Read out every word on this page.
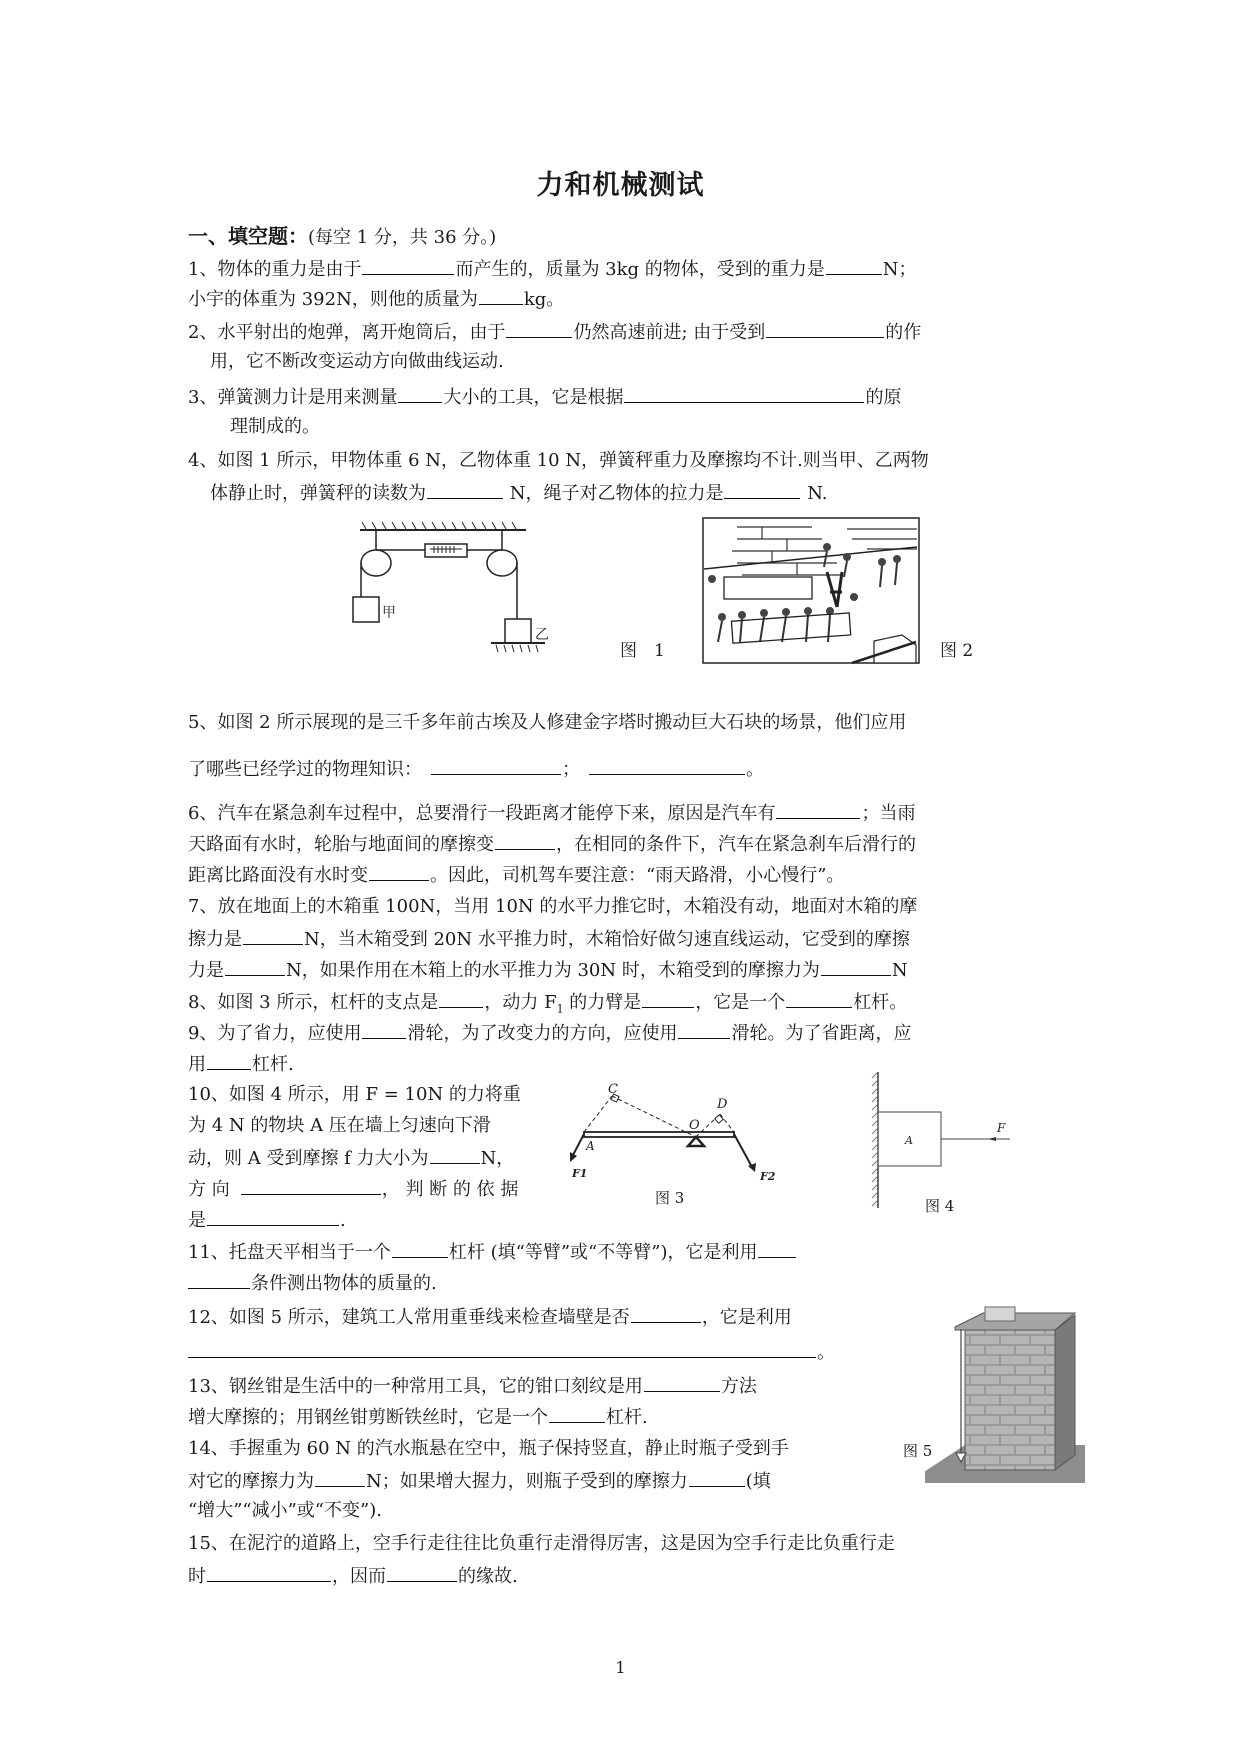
力和机械测试
一、填空题：(每空 1 分，共 36 分。)
1、物体的重力是由于	而产生的，质量为 3kg 的物体，受到的重力是	N；
小宇的体重为 392N，则他的质量为	kg。
2、水平射出的炮弹，离开炮筒后，由于	仍然高速前进; 由于受到	的作
用，它不断改变运动方向做曲线运动.
3、弹簧测力计是用来测量	大小的工具，它是根据	的原
理制成的。
4、如图 1 所示，甲物体重 6 N，乙物体重 10 N，弹簧秤重力及摩擦均不计.则当甲、乙两物
体静止时，弹簧秤的读数为	N，绳子对乙物体的拉力是	N.
甲
乙
图　1	图 2
5、如图 2 所示展现的是三千多年前古埃及人修建金字塔时搬动巨大石块的场景，他们应用
了哪些已经学过的物理知识：	；	。
6、汽车在紧急刹车过程中，总要滑行一段距离才能停下来，原因是汽车有	；当雨
天路面有水时，轮胎与地面间的摩擦变	，在相同的条件下，汽车在紧急刹车后滑行的
距离比路面没有水时变	。因此，司机驾车要注意：“雨天路滑，小心慢行”。
7、放在地面上的木箱重 100N，当用 10N 的水平力推它时，木箱没有动，地面对木箱的摩
擦力是	N，当木箱受到 20N 水平推力时，木箱恰好做匀速直线运动，它受到的摩擦
力是	N，如果作用在木箱上的水平推力为 30N 时，木箱受到的摩擦力为	N
8、如图 3 所示，杠杆的支点是	，动力 $F_1$ 的力臂是	，它是一个	杠杆。
9、为了省力，应使用	滑轮，为了改变力的方向，应使用	滑轮。为了省距离，应
用	杠杆.
10、如图 4 所示，用 F = 10N 的力将重
为 4 N 的物块 A 压在墙上匀速向下滑
动，则 A 受到摩擦 f 力大小为	N，
方 向	， 判 断 的 依 据
是	.
C
D
O
A
F1	F2
图 3
A
F
图 4
11、托盘天平相当于一个	杠杆 (填“等臂”或“不等臂”)，它是利用
条件测出物体的质量的.
12、如图 5 所示，建筑工人常用重垂线来检查墙壁是否	，它是利用
。
13、钢丝钳是生活中的一种常用工具，它的钳口刻纹是用	方法
增大摩擦的；用钢丝钳剪断铁丝时，它是一个	杠杆.
14、手握重为 60 N 的汽水瓶悬在空中，瓶子保持竖直，静止时瓶子受到手
对它的摩擦力为	N；如果增大握力，则瓶子受到的摩擦力	(填
“增大”“减小”或“不变”).
图 5
15、在泥泞的道路上，空手行走往往比负重行走滑得厉害，这是因为空手行走比负重行走
时	，因而	的缘故.
1
